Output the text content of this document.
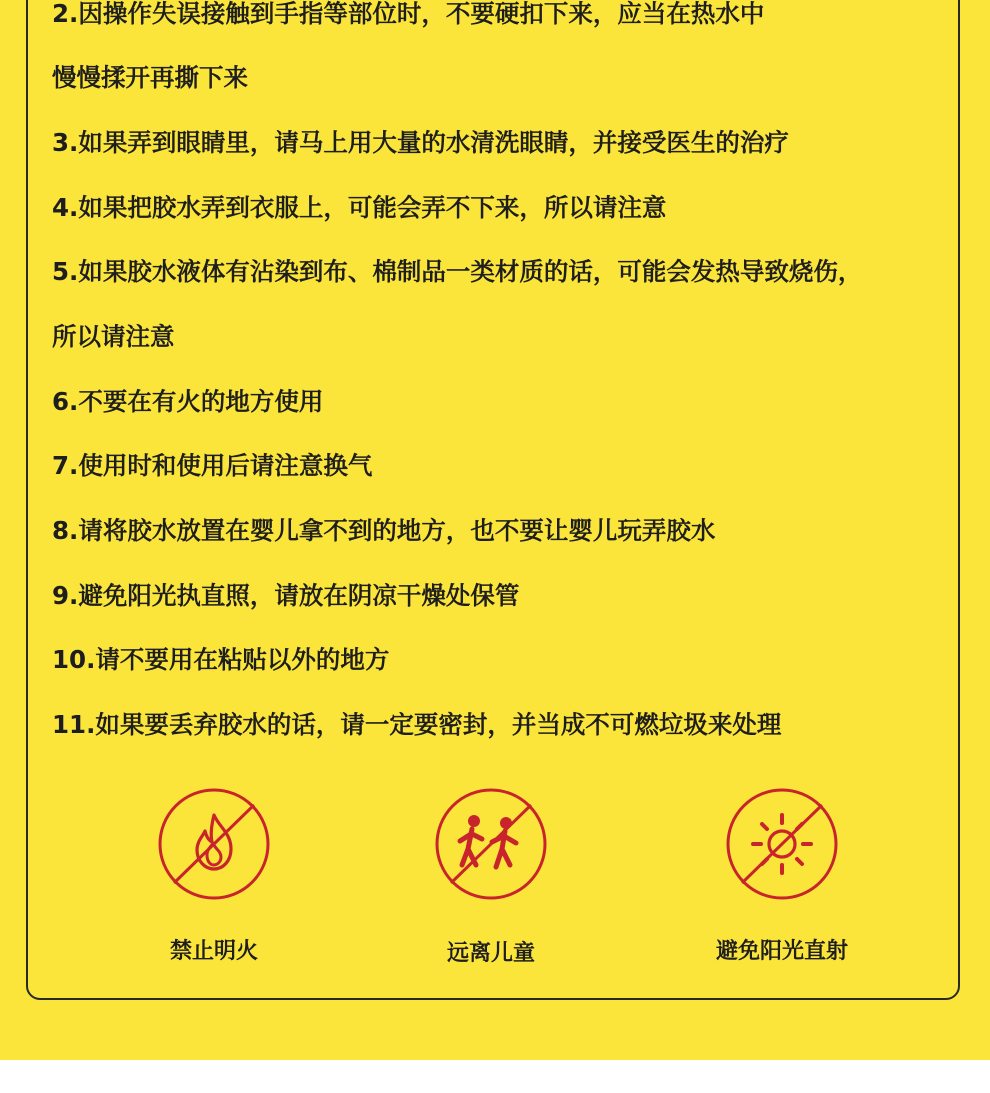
2.因操作失误接触到手指等部位时，不要硬扣下来，应当在热水中
慢慢揉开再撕下来
3.如果弄到眼睛里，请马上用大量的水清洗眼睛，并接受医生的治疗
4.如果把胶水弄到衣服上，可能会弄不下来，所以请注意
5.如果胶水液体有沾染到布、棉制品一类材质的话，可能会发热导致烧伤，
所以请注意
6.不要在有火的地方使用
7.使用时和使用后请注意换气
8.请将胶水放置在婴儿拿不到的地方，也不要让婴儿玩弄胶水
9.避免阳光执直照，请放在阴凉干燥处保管
10.请不要用在粘贴以外的地方
11.如果要丢弃胶水的话，请一定要密封，并当成不可燃垃圾来处理
禁止明火	远离儿童	避免阳光直射
